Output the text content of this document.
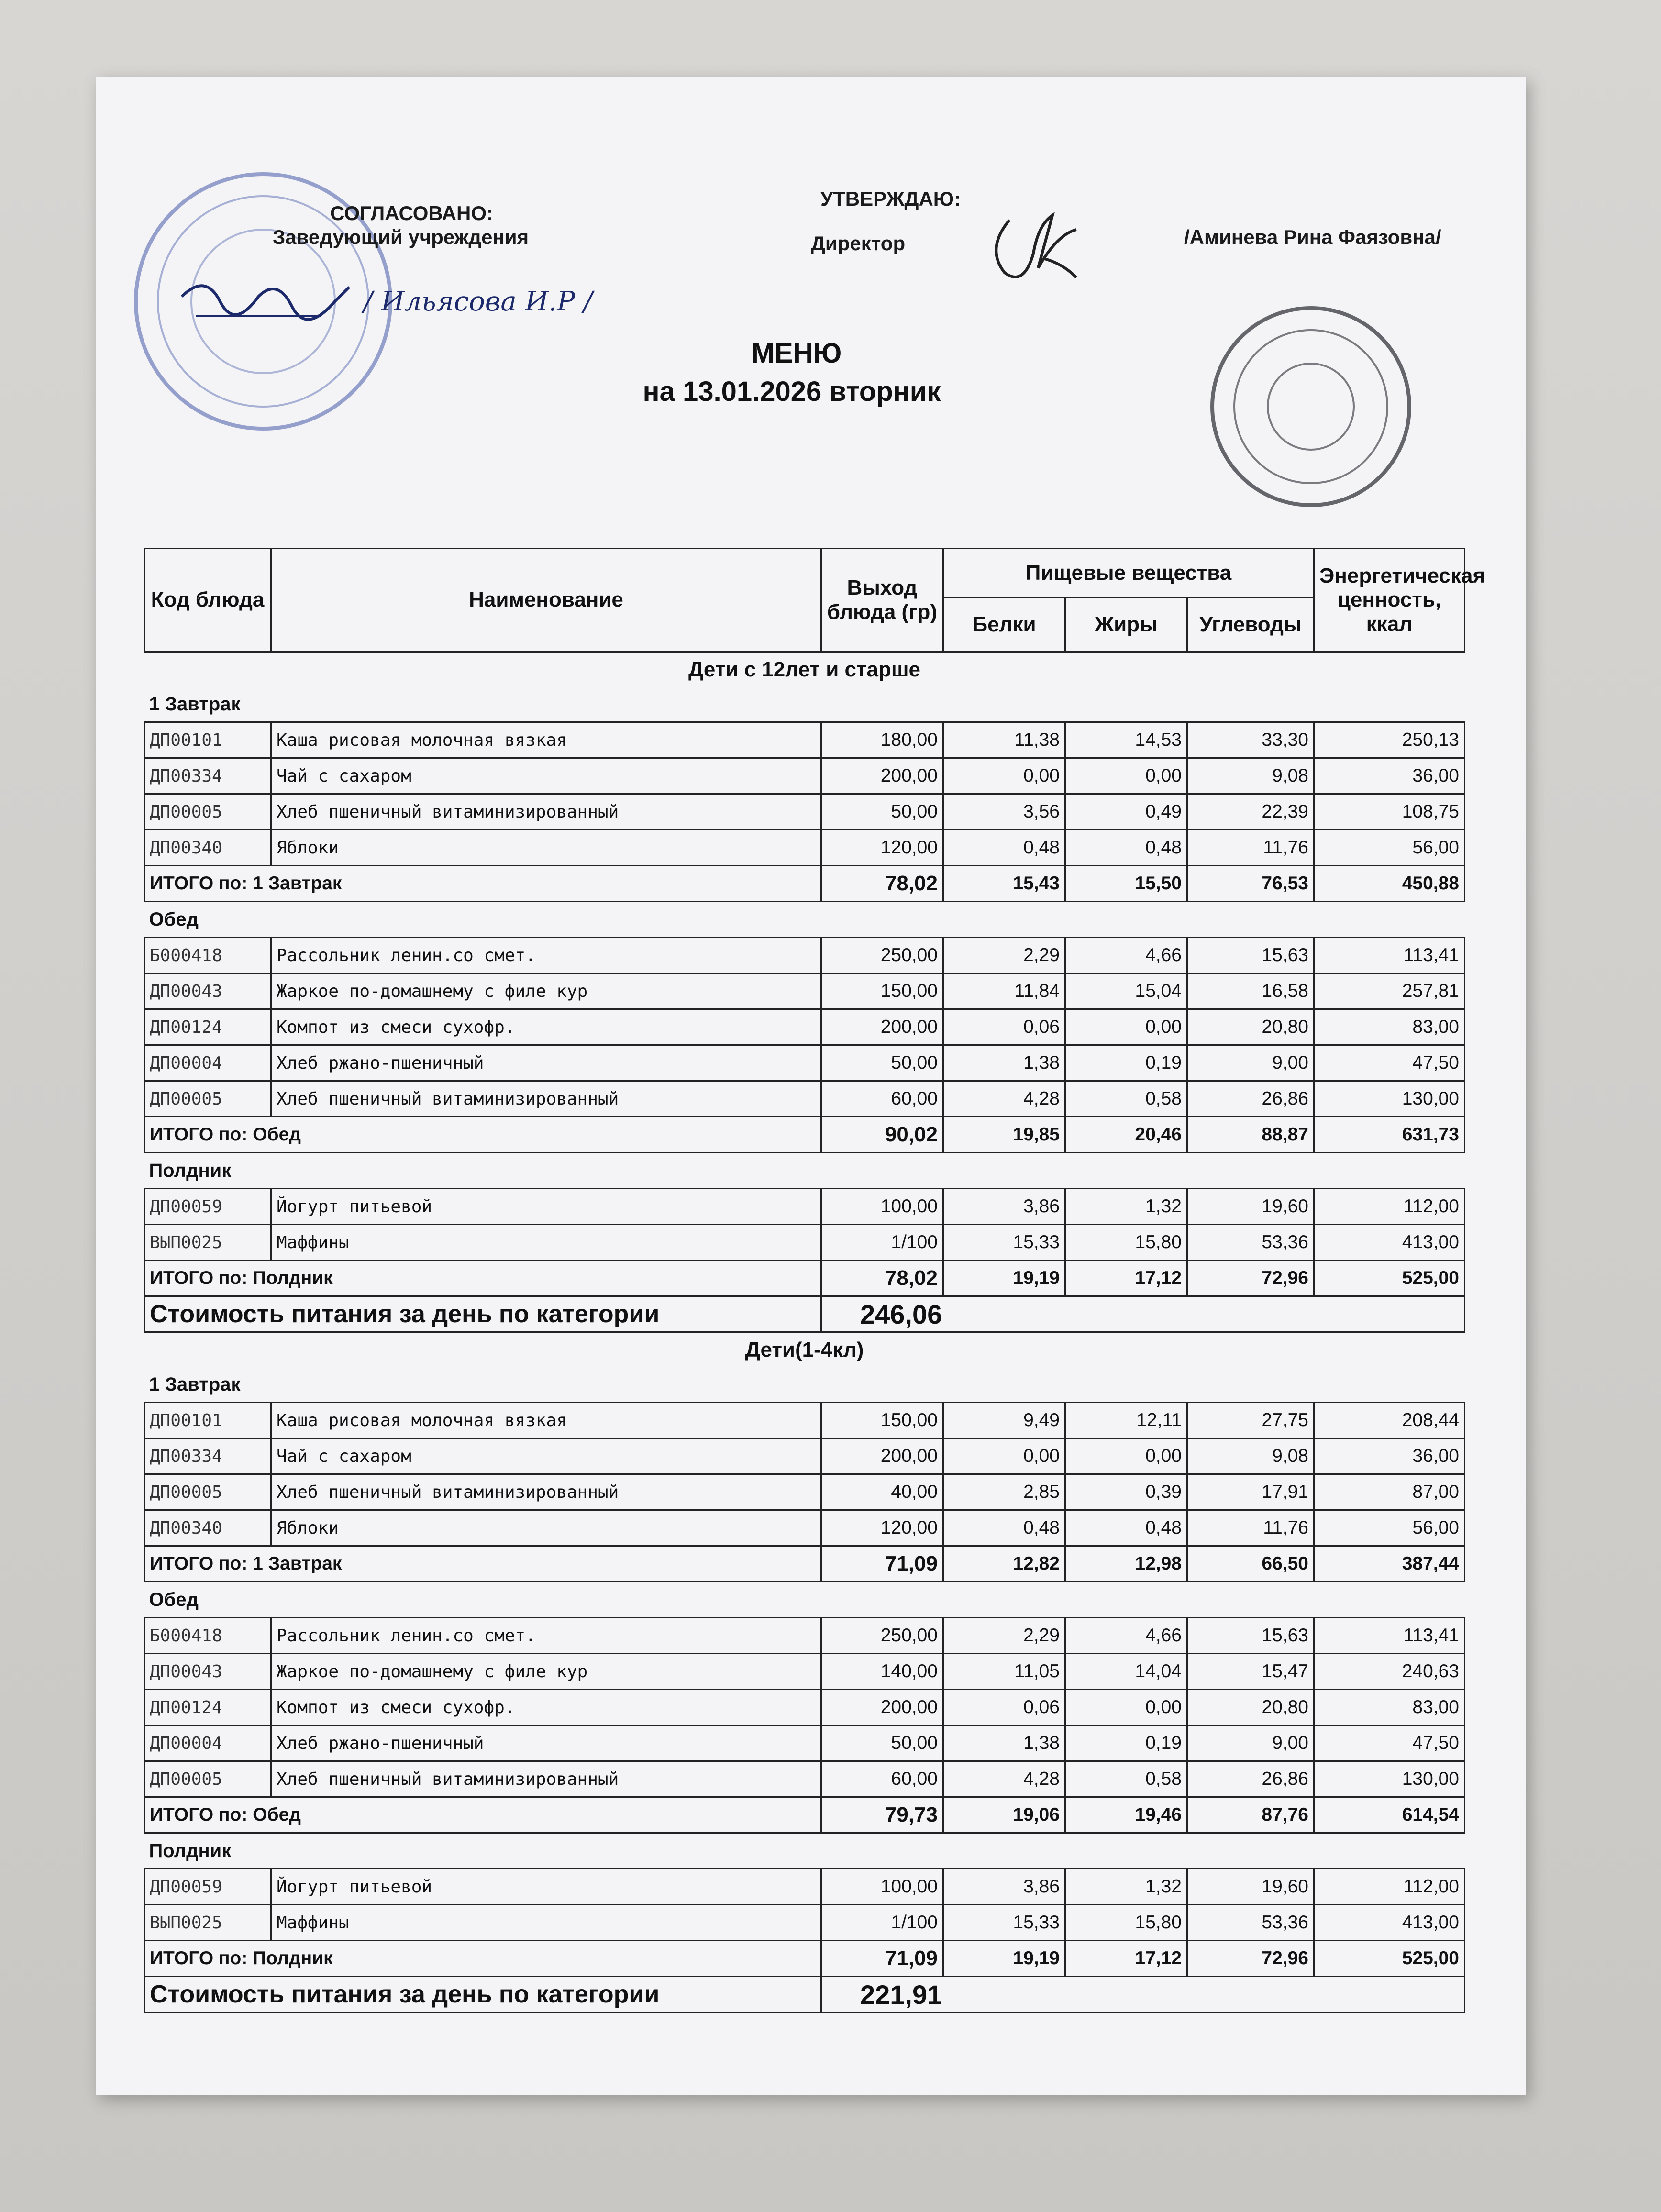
СОГЛАСОВАНО:
Заведующий учреждения
/ Ильясова И.Р /
УТВЕРЖДАЮ:
Директор	/Аминева Рина Фаязовна/
МЕНЮ
на 13.01.2026 вторник
Код блюда	Наименование	Выход блюда (гр)	Пищевые вещества			Энергетическая ценность, ккал
			Белки	Жиры	Углеводы	
Дети с 12лет и старше						
1 Завтрак						
ДП00101	Каша рисовая молочная вязкая	180,00	11,38	14,53	33,30	250,13
ДП00334	Чай с сахаром	200,00	0,00	0,00	9,08	36,00
ДП00005	Хлеб пшеничный витаминизированный	50,00	3,56	0,49	22,39	108,75
ДП00340	Яблоки	120,00	0,48	0,48	11,76	56,00
ИТОГО по: 1 Завтрак		78,02	15,43	15,50	76,53	450,88
Обед						
Б000418	Рассольник ленин.со смет.	250,00	2,29	4,66	15,63	113,41
ДП00043	Жаркое по-домашнему с филе кур	150,00	11,84	15,04	16,58	257,81
ДП00124	Компот из смеси сухофр.	200,00	0,06	0,00	20,80	83,00
ДП00004	Хлеб ржано-пшеничный	50,00	1,38	0,19	9,00	47,50
ДП00005	Хлеб пшеничный витаминизированный	60,00	4,28	0,58	26,86	130,00
ИТОГО по: Обед		90,02	19,85	20,46	88,87	631,73
Полдник						
ДП00059	Йогурт питьевой	100,00	3,86	1,32	19,60	112,00
ВЫП0025	Маффины	1/100	15,33	15,80	53,36	413,00
ИТОГО по: Полдник		78,02	19,19	17,12	72,96	525,00
Стоимость питания за день по категории		246,06				
Дети(1-4кл)						
1 Завтрак						
ДП00101	Каша рисовая молочная вязкая	150,00	9,49	12,11	27,75	208,44
ДП00334	Чай с сахаром	200,00	0,00	0,00	9,08	36,00
ДП00005	Хлеб пшеничный витаминизированный	40,00	2,85	0,39	17,91	87,00
ДП00340	Яблоки	120,00	0,48	0,48	11,76	56,00
ИТОГО по: 1 Завтрак		71,09	12,82	12,98	66,50	387,44
Обед						
Б000418	Рассольник ленин.со смет.	250,00	2,29	4,66	15,63	113,41
ДП00043	Жаркое по-домашнему с филе кур	140,00	11,05	14,04	15,47	240,63
ДП00124	Компот из смеси сухофр.	200,00	0,06	0,00	20,80	83,00
ДП00004	Хлеб ржано-пшеничный	50,00	1,38	0,19	9,00	47,50
ДП00005	Хлеб пшеничный витаминизированный	60,00	4,28	0,58	26,86	130,00
ИТОГО по: Обед		79,73	19,06	19,46	87,76	614,54
Полдник						
ДП00059	Йогурт питьевой	100,00	3,86	1,32	19,60	112,00
ВЫП0025	Маффины	1/100	15,33	15,80	53,36	413,00
ИТОГО по: Полдник		71,09	19,19	17,12	72,96	525,00
Стоимость питания за день по категории		221,91				
